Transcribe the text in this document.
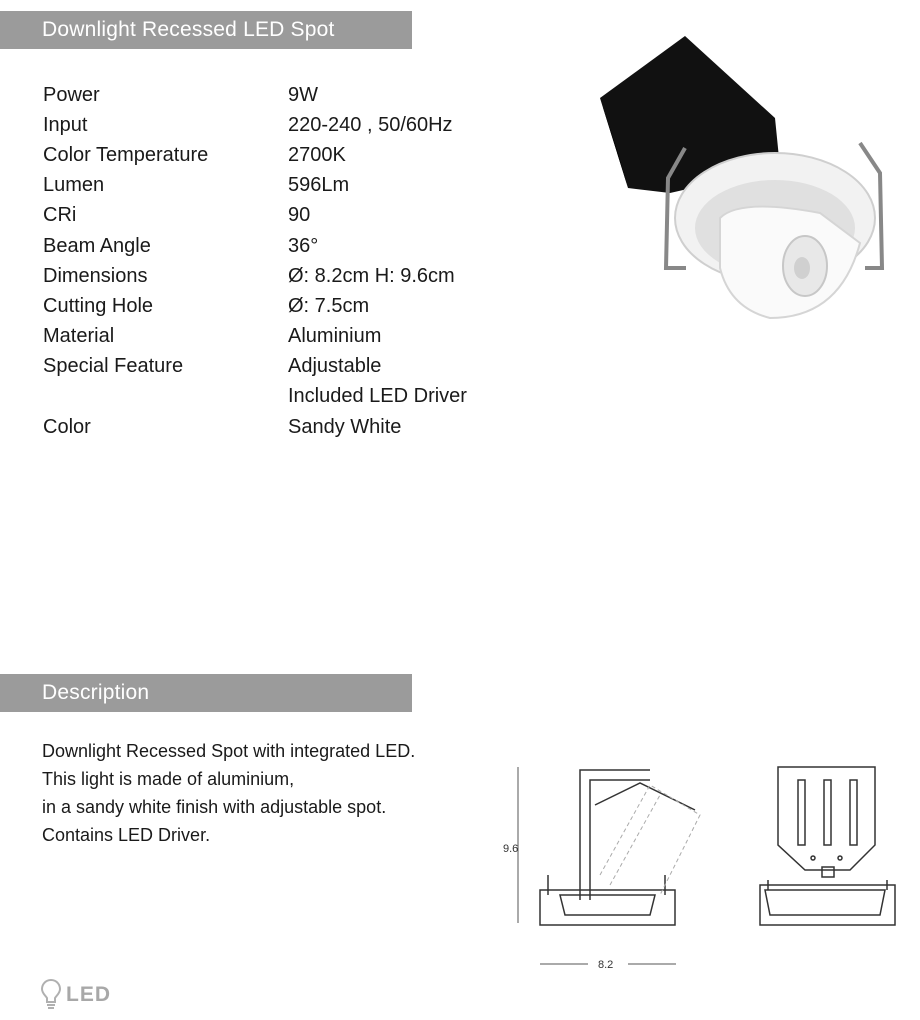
Downlight Recessed LED Spot
Power	9W
Input	220-240 , 50/60Hz
Color Temperature	2700K
Lumen	596Lm
CRi	90
Beam Angle	36°
Dimensions	Ø: 8.2cm H: 9.6cm
Cutting Hole	Ø: 7.5cm
Material	Aluminium
Special Feature	Adjustable
Included LED Driver
Color	Sandy White
Description
Downlight Recessed Spot with integrated LED.
This light is made of aluminium,
in a sandy white finish with adjustable spot.
Contains LED Driver.
9.6
8.2
LED
